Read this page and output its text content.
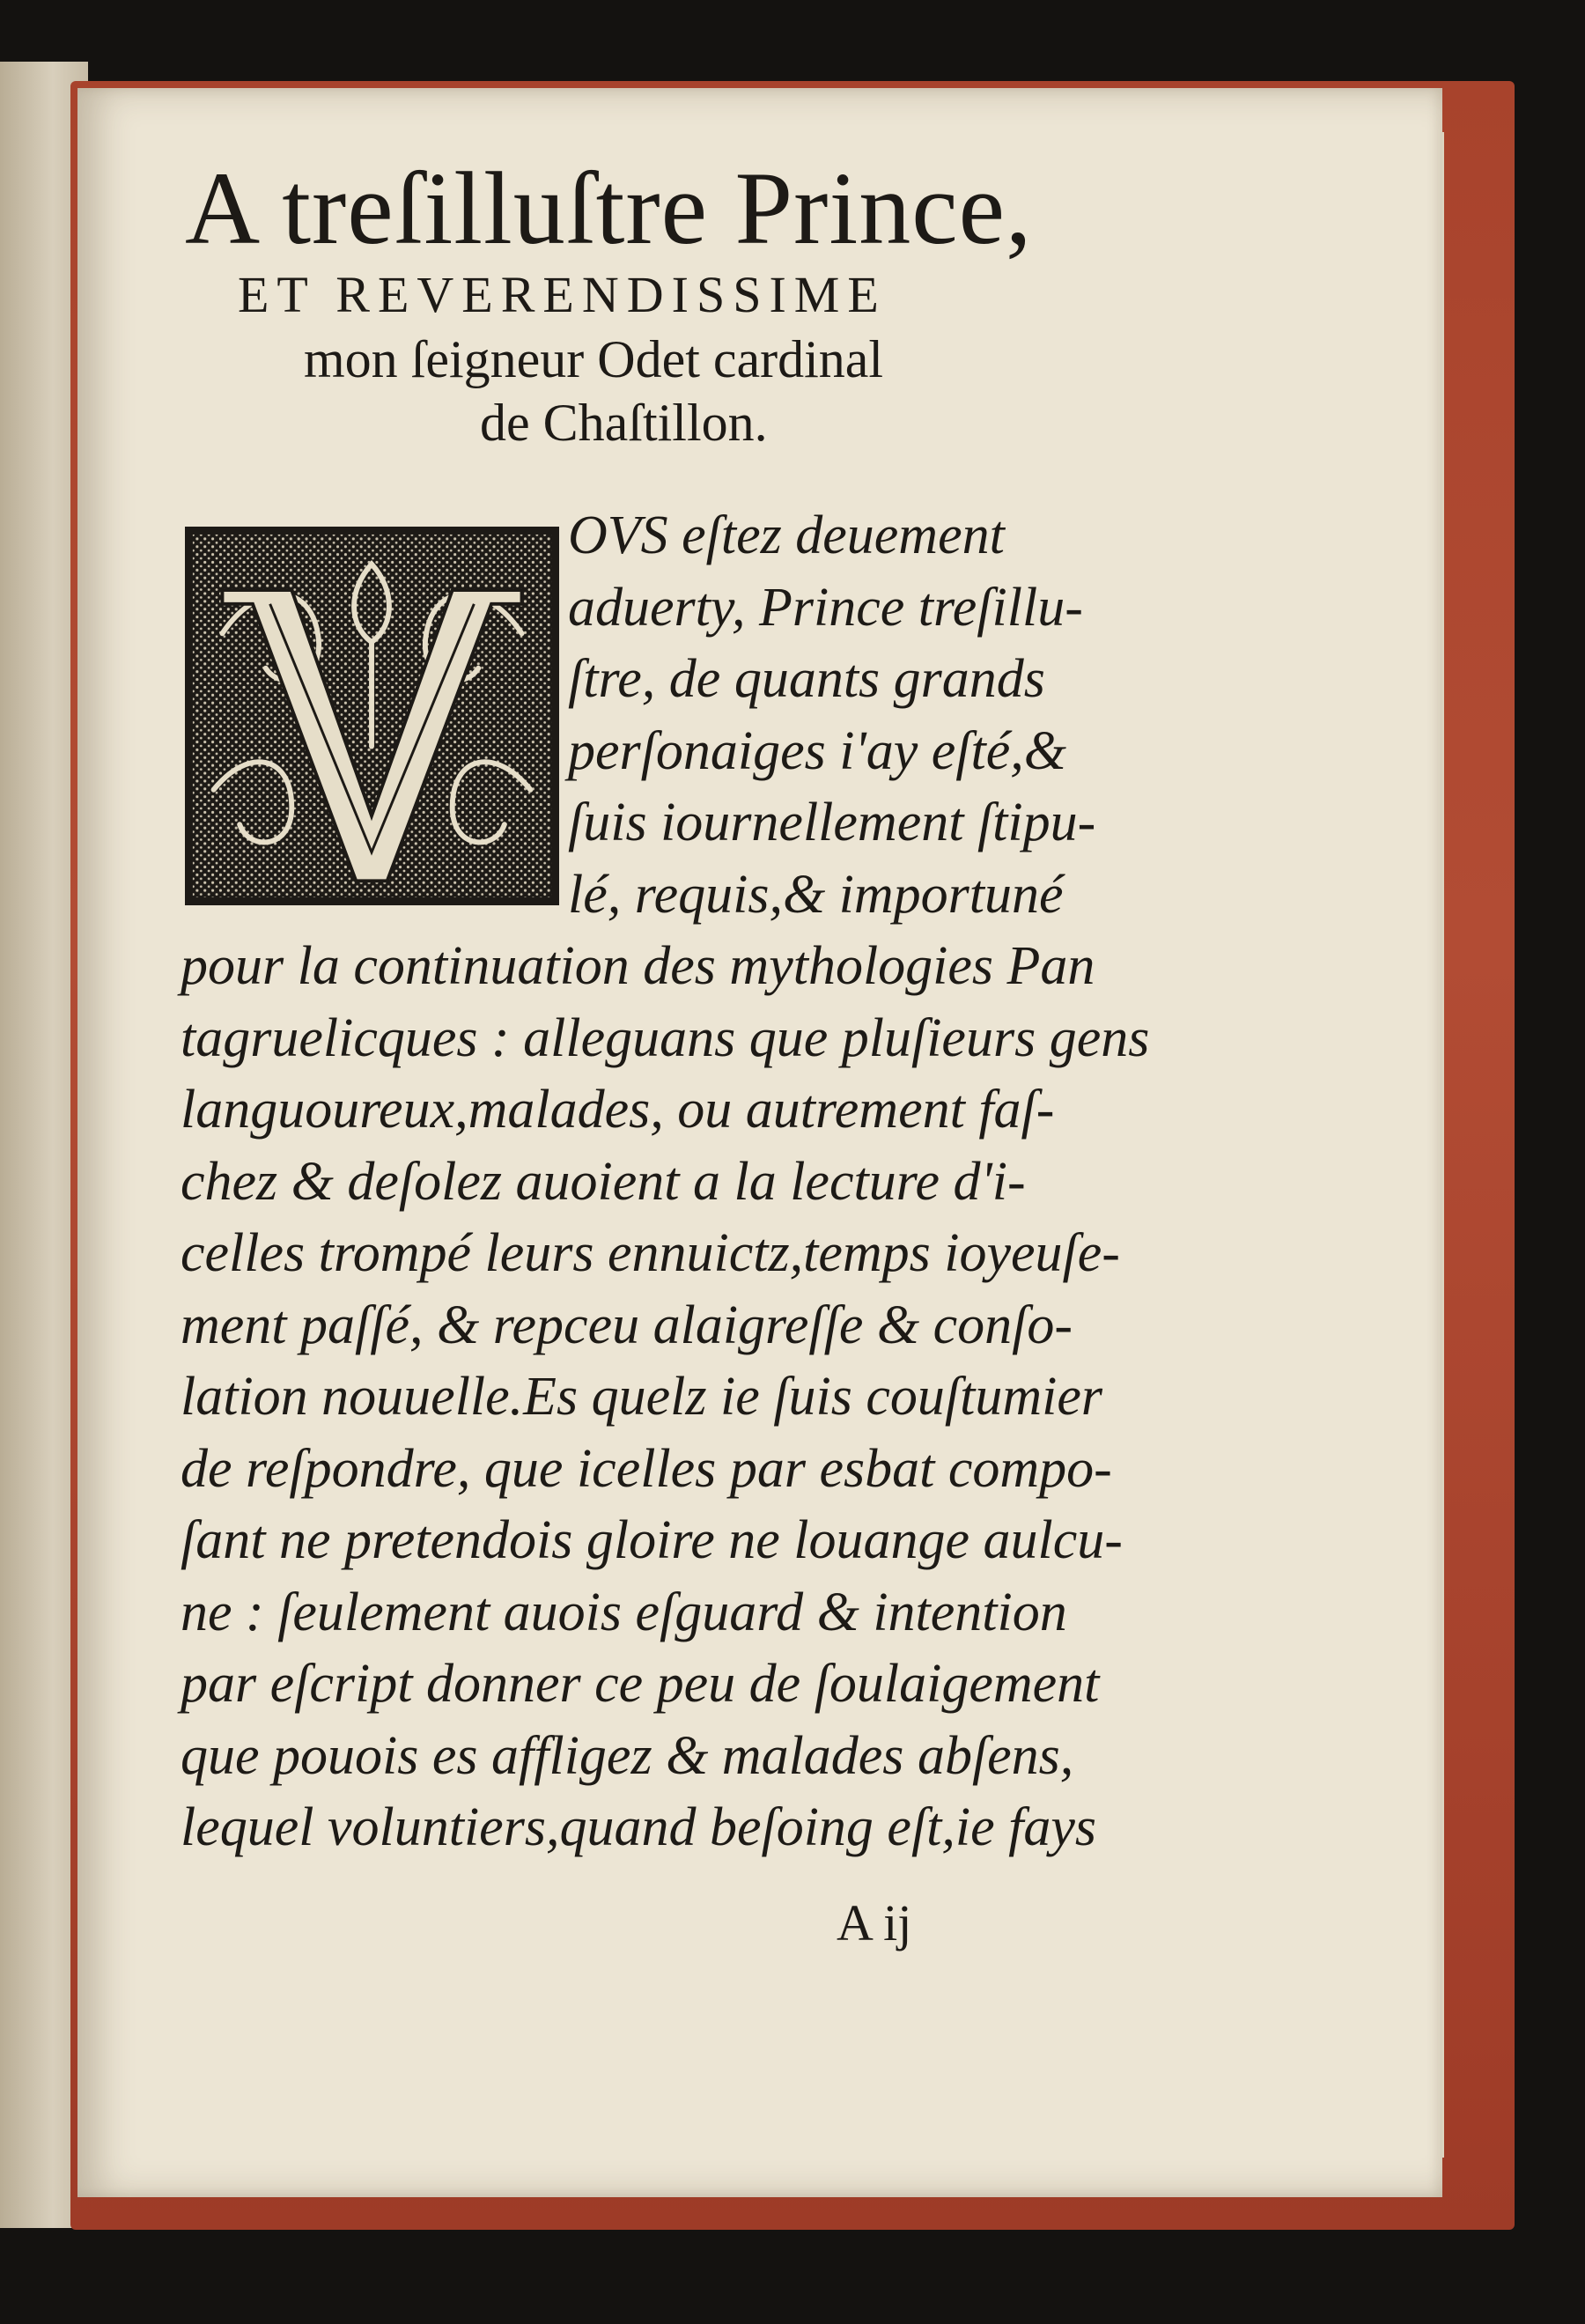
A treſilluſtre Prince,
ET REVERENDISSIME
mon ſeigneur Odet cardinal
de Chaſtillon.
OVS eſtez deuement
aduerty, Prince treſillu-
ſtre, de quants grands
perſonaiges i'ay eſté,&
ſuis iournellement ſtipu-
lé, requis,& importuné
pour la continuation des mythologies Pan
tagruelicques : alleguans que pluſieurs gens
languoureux,malades, ou autrement faſ-
chez & deſolez auoient a la lecture d'i-
celles trompé leurs ennuictz,temps ioyeuſe-
ment paſſé, & repceu alaigreſſe & conſo-
lation nouuelle.Es quelz ie ſuis couſtumier
de reſpondre, que icelles par esbat compo-
ſant ne pretendois gloire ne louange aulcu-
ne : ſeulement auois eſguard & intention
par eſcript donner ce peu de ſoulaigement
que pouois es affligez & malades abſens,
lequel voluntiers,quand beſoing eſt,ie fays
A ij
